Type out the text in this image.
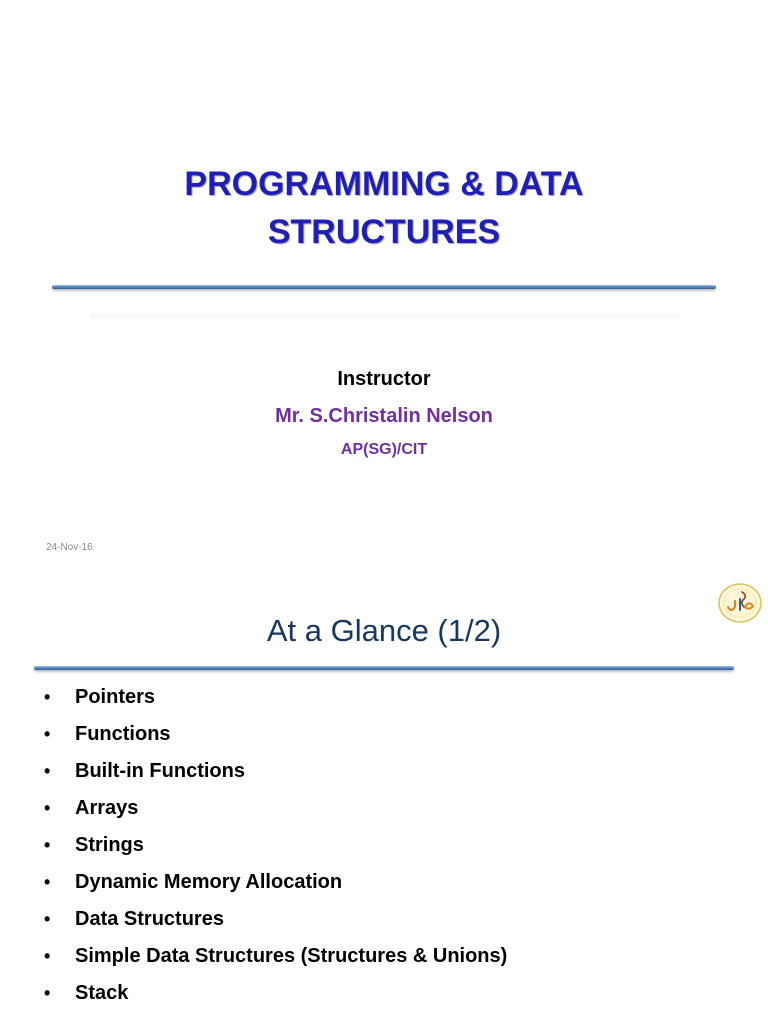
PROGRAMMING & DATA
STRUCTURES
Instructor
Mr. S.Christalin Nelson
AP(SG)/CIT
24-Nov-16
At a Glance (1/2)
•	Pointers
•	Functions
•	Built-in Functions
•	Arrays
•	Strings
•	Dynamic Memory Allocation
•	Data Structures
•	Simple Data Structures (Structures & Unions)
•	Stack
